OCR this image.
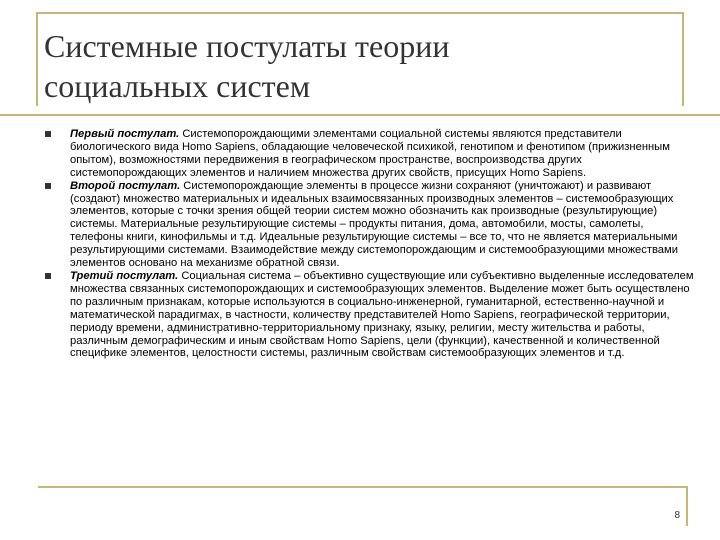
Системные постулаты теории
социальных систем

Первый постулат. Системопорождающими элементами социальной системы являются представители биологического вида Homo Sapiens, обладающие человеческой психикой, генотипом и фенотипом (прижизненным опытом), возможностями передвижения в географическом пространстве, воспроизводства других системопорождающих элементов и наличием множества других свойств, присущих Homo Sapiens.

Второй постулат. Системопорождающие элементы в процессе жизни сохраняют (уничтожают) и развивают (создают) множество материальных и идеальных взаимосвязанных производных элементов – системообразующих элементов, которые с точки зрения общей теории систем можно обозначить как производные (результирующие) системы. Материальные результирующие системы – продукты питания, дома, автомобили, мосты, самолеты, телефоны книги, кинофильмы и т.д. Идеальные результирующие системы – все то, что не является материальными результирующими системами. Взаимодействие между системопорождающим и системообразующими множествами элементов основано на механизме обратной связи.

Третий постулат. Социальная система – объективно существующие или субъективно выделенные исследователем множества связанных системопорождающих и системообразующих элементов. Выделение может быть осуществлено по различным признакам, которые используются в социально-инженерной, гуманитарной, естественно-научной и математической парадигмах, в частности, количеству представителей Homo Sapiens, географической территории, периоду времени, административно-территориальному признаку, языку, религии, месту жительства и работы, различным демографическим и иным свойствам Homo Sapiens, цели (функции), качественной и количественной специфике элементов, целостности системы, различным свойствам системообразующих элементов и т.д.

8
